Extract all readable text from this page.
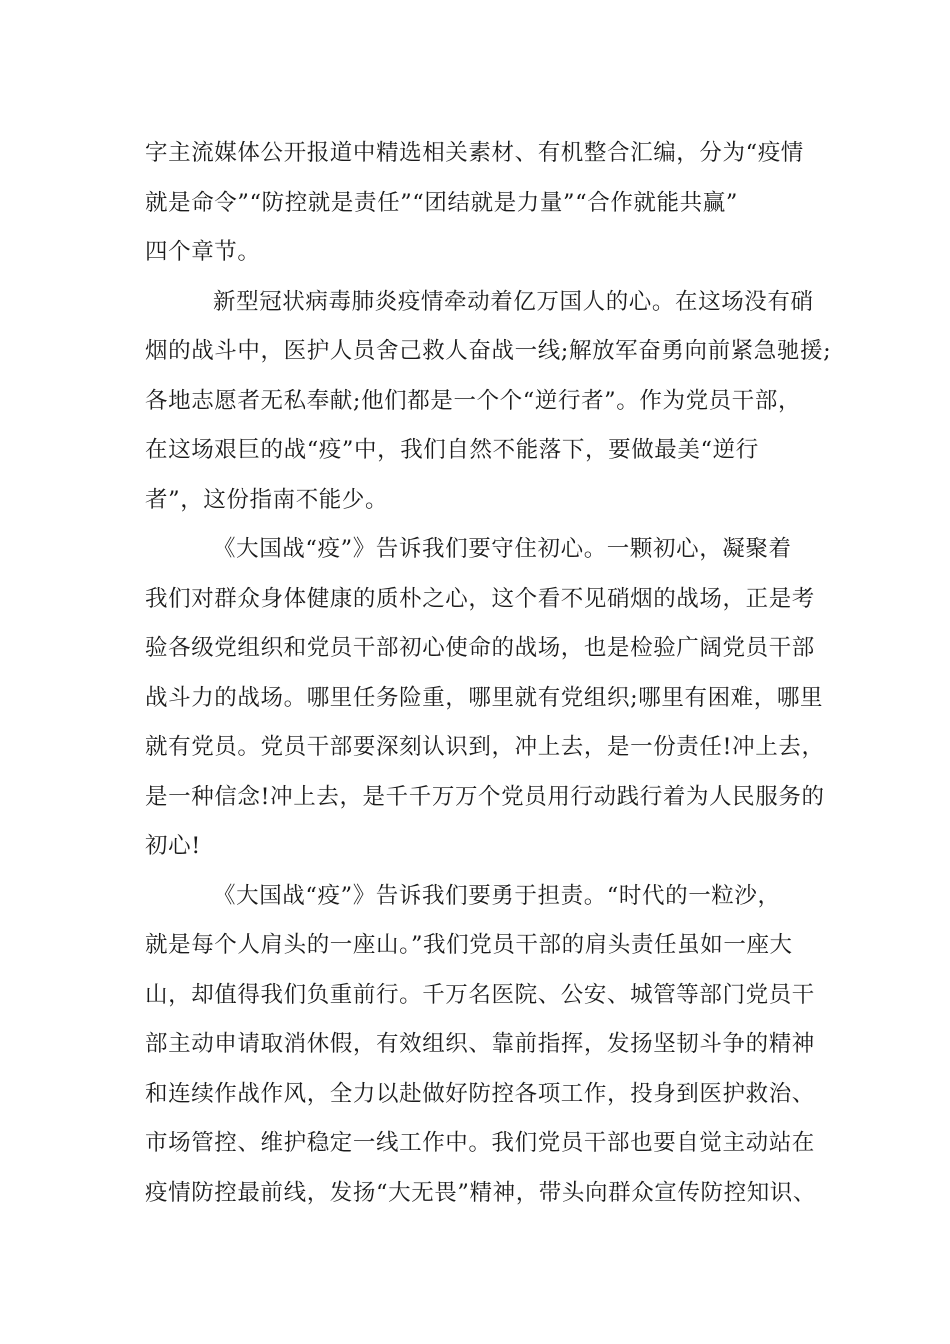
字主流媒体公开报道中精选相关素材、有机整合汇编，分为“疫情
就是命令”“防控就是责任”“团结就是力量”“合作就能共赢”
四个章节。
新型冠状病毒肺炎疫情牵动着亿万国人的心。在这场没有硝
烟的战斗中，医护人员舍己救人奋战一线;解放军奋勇向前紧急驰援;
各地志愿者无私奉献;他们都是一个个“逆行者”。作为党员干部，
在这场艰巨的战“疫”中，我们自然不能落下，要做最美“逆行
者”，这份指南不能少。
《大国战“疫”》告诉我们要守住初心。一颗初心，凝聚着
我们对群众身体健康的质朴之心，这个看不见硝烟的战场，正是考
验各级党组织和党员干部初心使命的战场，也是检验广阔党员干部
战斗力的战场。哪里任务险重，哪里就有党组织;哪里有困难，哪里
就有党员。党员干部要深刻认识到，冲上去，是一份责任!冲上去，
是一种信念!冲上去，是千千万万个党员用行动践行着为人民服务的
初心!
《大国战“疫”》告诉我们要勇于担责。“时代的一粒沙，
就是每个人肩头的一座山。”我们党员干部的肩头责任虽如一座大
山，却值得我们负重前行。千万名医院、公安、城管等部门党员干
部主动申请取消休假，有效组织、靠前指挥，发扬坚韧斗争的精神
和连续作战作风，全力以赴做好防控各项工作，投身到医护救治、
市场管控、维护稳定一线工作中。我们党员干部也要自觉主动站在
疫情防控最前线，发扬“大无畏”精神，带头向群众宣传防控知识、
